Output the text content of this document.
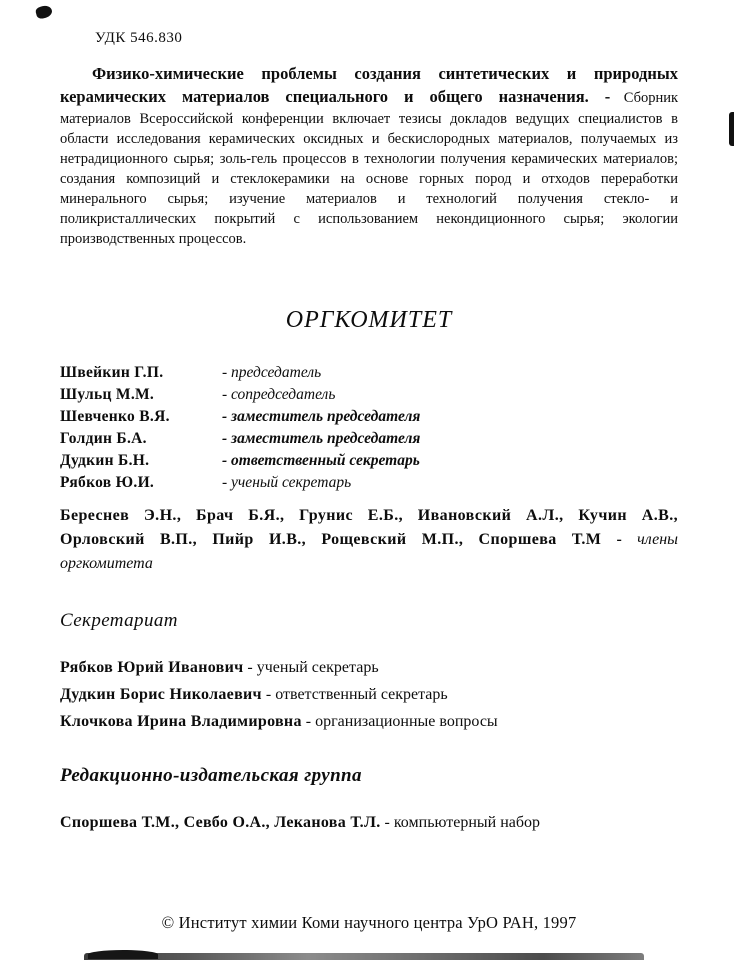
УДК 546.830

Физико-химические проблемы создания синтетических и природных керамических материалов специального и общего назначения. - Сборник материалов Всероссийской конференции включает тезисы докладов ведущих специалистов в области исследования керамических оксидных и бескислородных материалов, получаемых из нетрадиционного сырья; золь-гель процессов в технологии получения керамических материалов; создания композиций и стеклокерамики на основе горных пород и отходов переработки минерального сырья; изучение материалов и технологий получения стекло- и поликристаллических покрытий с использованием некондиционного сырья; экологии производственных процессов.

ОРГКОМИТЕТ
Швейкин Г.П.	- председатель
Шульц М.М.	- сопредседатель
Шевченко В.Я.	- заместитель председателя
Голдин Б.А.	- заместитель председателя
Дудкин Б.Н.	- ответственный секретарь
Рябков Ю.И.	- ученый секретарь

Береснев Э.Н., Брач Б.Я., Грунис Е.Б., Ивановский А.Л., Кучин А.В., Орловский В.П., Пийр И.В., Рощевский М.П., Споршева Т.М - члены оргкомитета

Секретариат
Рябков Юрий Иванович - ученый секретарь
Дудкин Борис Николаевич - ответственный секретарь
Клочкова Ирина Владимировна - организационные вопросы
Редакционно-издательская группа
Споршева Т.М., Севбо О.А., Леканова Т.Л. - компьютерный набор
© Институт химии Коми научного центра УрО РАН, 1997
